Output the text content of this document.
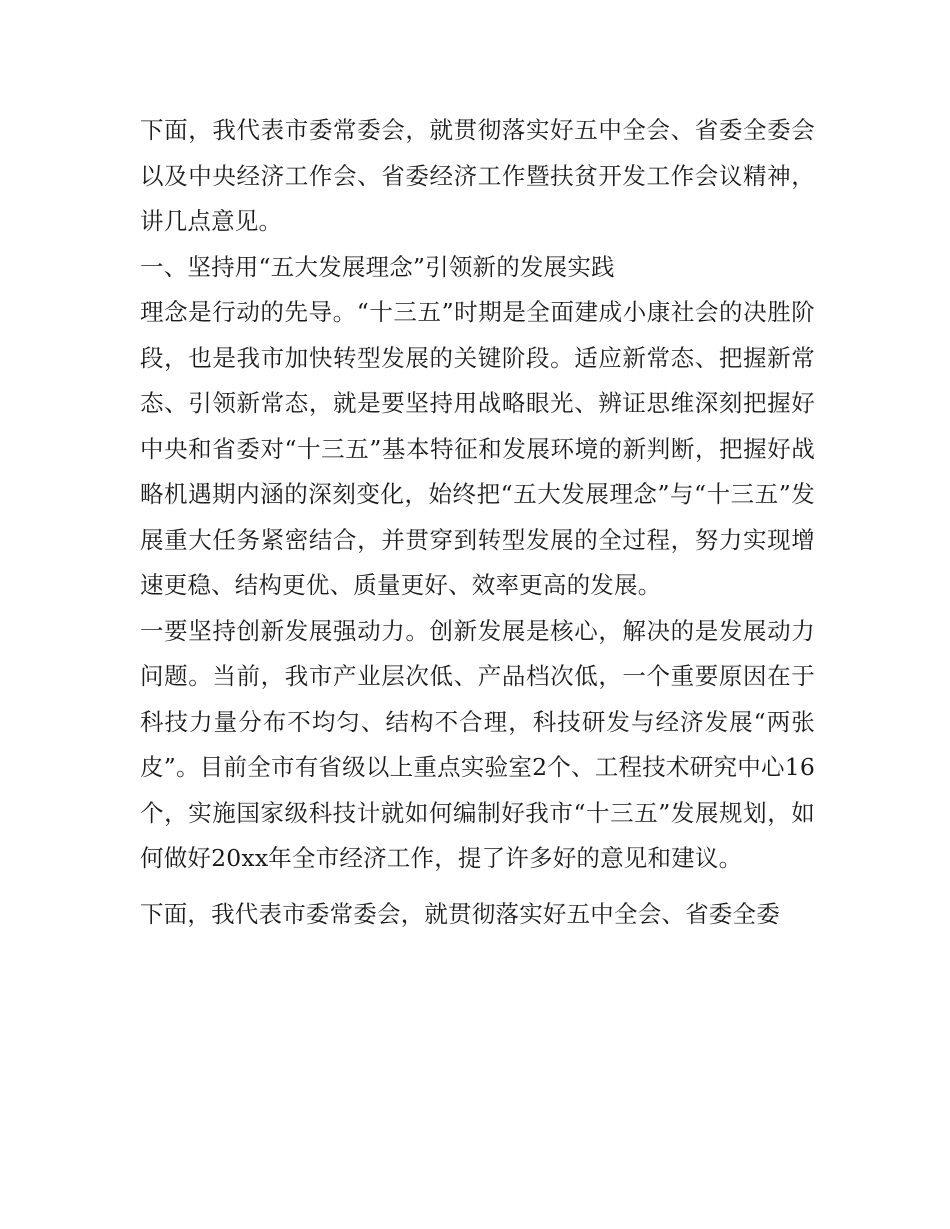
下面，我代表市委常委会，就贯彻落实好五中全会、省委全委会以及中央经济工作会、省委经济工作暨扶贫开发工作会议精神，讲几点意见。

一、坚持用“五大发展理念”引领新的发展实践

理念是行动的先导。“十三五”时期是全面建成小康社会的决胜阶段，也是我市加快转型发展的关键阶段。适应新常态、把握新常态、引领新常态，就是要坚持用战略眼光、辨证思维深刻把握好中央和省委对“十三五”基本特征和发展环境的新判断，把握好战略机遇期内涵的深刻变化，始终把“五大发展理念”与“十三五”发展重大任务紧密结合，并贯穿到转型发展的全过程，努力实现增速更稳、结构更优、质量更好、效率更高的发展。

一要坚持创新发展强动力。创新发展是核心，解决的是发展动力问题。当前，我市产业层次低、产品档次低，一个重要原因在于科技力量分布不均匀、结构不合理，科技研发与经济发展“两张皮”。目前全市有省级以上重点实验室2个、工程技术研究中心16个，实施国家级科技计就如何编制好我市“十三五”发展规划，如何做好20xx年全市经济工作，提了许多好的意见和建议。

下面，我代表市委常委会，就贯彻落实好五中全会、省委全委
